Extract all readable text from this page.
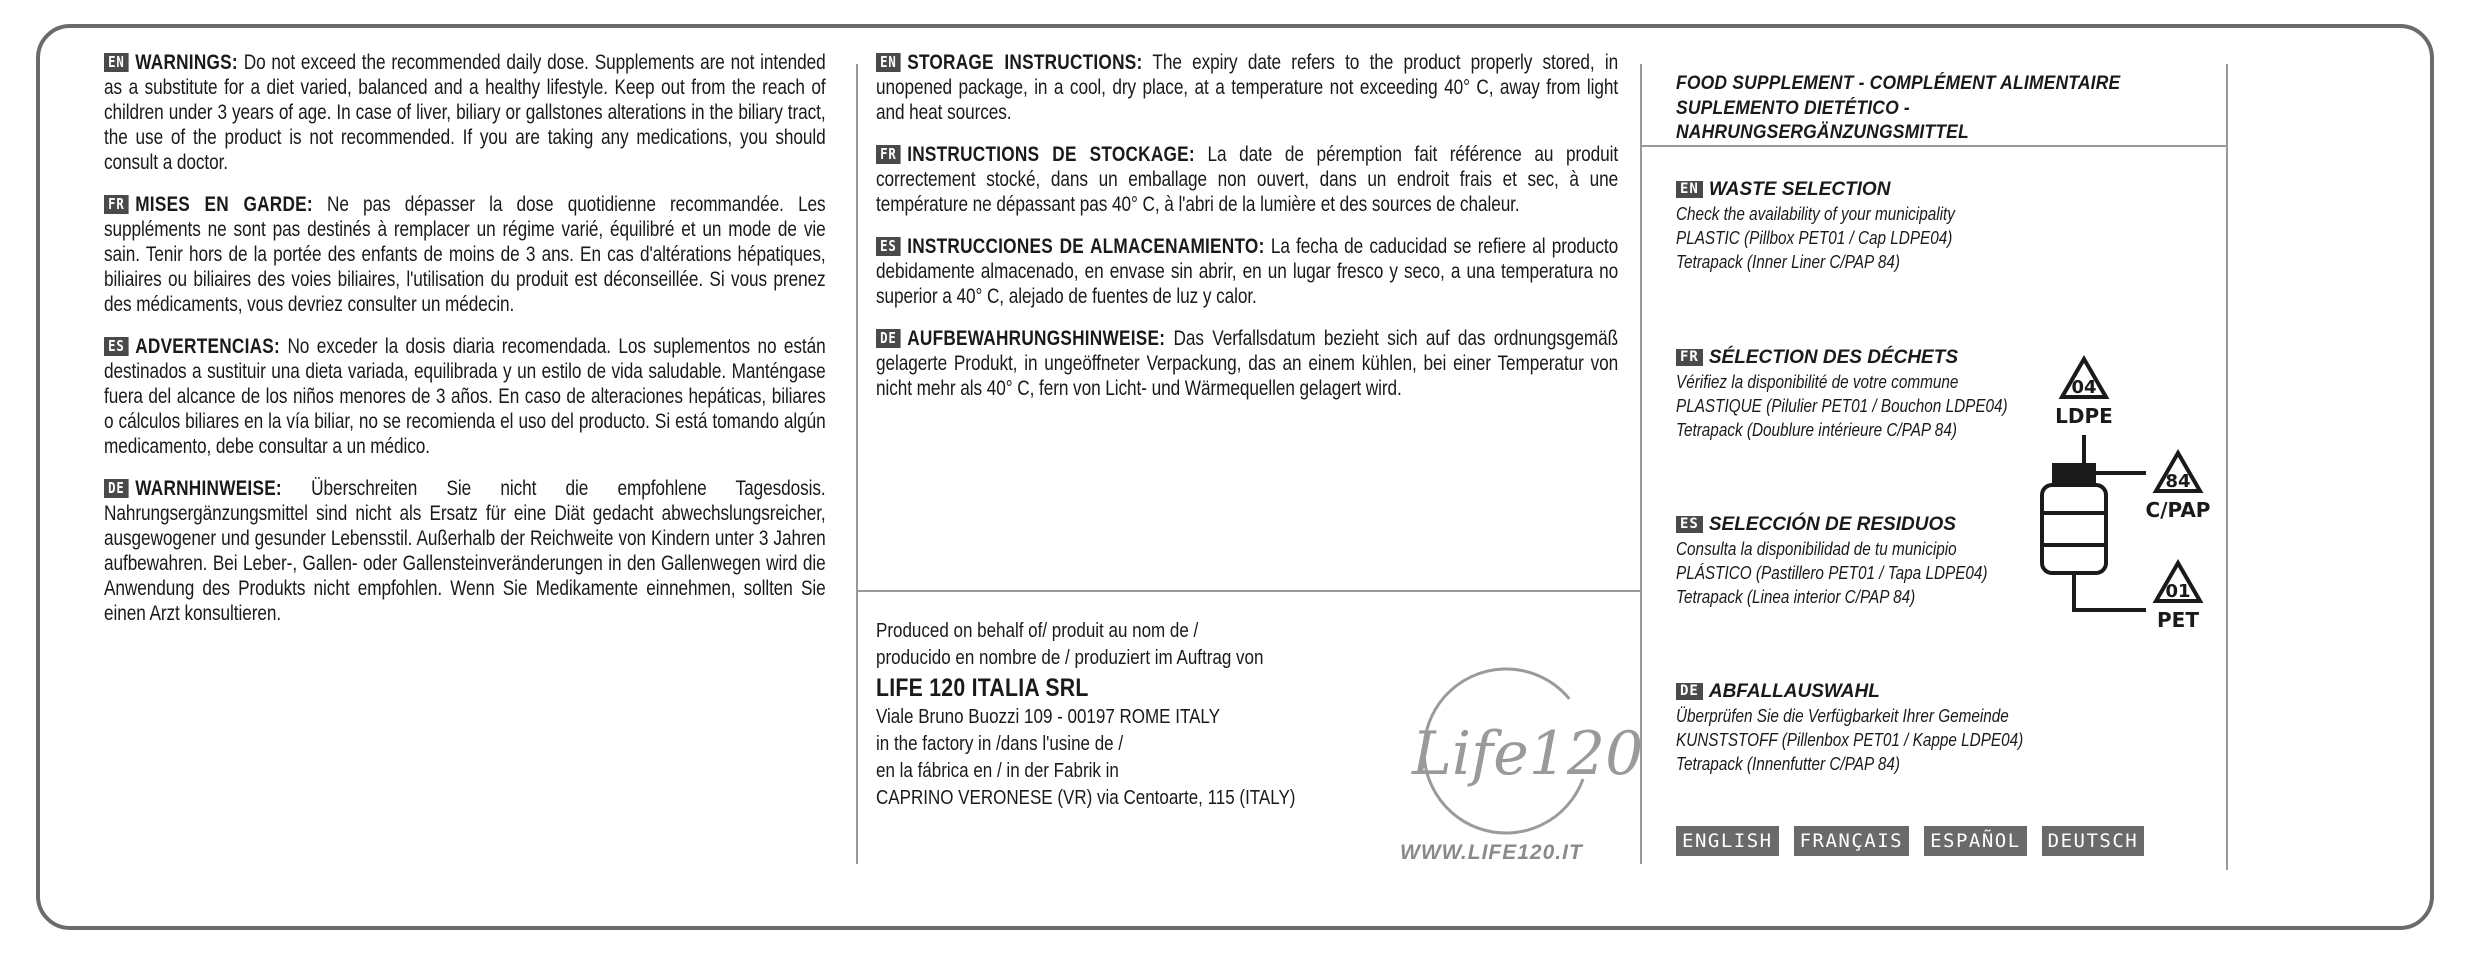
EN WARNINGS: Do not exceed the recommended daily dose. Supplements are not intended as a substitute for a diet varied, balanced and a healthy lifestyle. Keep out from the reach of children under 3 years of age. In case of liver, biliary or gallstones alterations in the biliary tract, the use of the product is not recommended. If you are taking any medications, you should consult a doctor.

FR MISES EN GARDE: Ne pas dépasser la dose quotidienne recommandée. Les suppléments ne sont pas destinés à remplacer un régime varié, équilibré et un mode de vie sain. Tenir hors de la portée des enfants de moins de 3 ans. En cas d'altérations hépatiques, biliaires ou biliaires des voies biliaires, l'utilisation du produit est déconseillée. Si vous prenez des médicaments, vous devriez consulter un médecin.

ES ADVERTENCIAS: No exceder la dosis diaria recomendada. Los suplementos no están destinados a sustituir una dieta variada, equilibrada y un estilo de vida saludable. Manténgase fuera del alcance de los niños menores de 3 años. En caso de alteraciones hepáticas, biliares o cálculos biliares en la vía biliar, no se recomienda el uso del producto. Si está tomando algún medicamento, debe consultar a un médico.

DE WARNHINWEISE: Überschreiten Sie nicht die empfohlene Tagesdosis. Nahrungsergänzungsmittel sind nicht als Ersatz für eine Diät gedacht abwechslungsreicher, ausgewogener und gesunder Lebensstil. Außerhalb der Reichweite von Kindern unter 3 Jahren aufbewahren. Bei Leber-, Gallen- oder Gallensteinveränderungen in den Gallenwegen wird die Anwendung des Produkts nicht empfohlen. Wenn Sie Medikamente einnehmen, sollten Sie einen Arzt konsultieren.

EN STORAGE INSTRUCTIONS: The expiry date refers to the product properly stored, in unopened package, in a cool, dry place, at a temperature not exceeding 40° C, away from light and heat sources.

FR INSTRUCTIONS DE STOCKAGE: La date de péremption fait référence au produit correctement stocké, dans un emballage non ouvert, dans un endroit frais et sec, à une température ne dépassant pas 40° C, à l'abri de la lumière et des sources de chaleur.

ES INSTRUCCIONES DE ALMACENAMIENTO: La fecha de caducidad se refiere al producto debidamente almacenado, en envase sin abrir, en un lugar fresco y seco, a una temperatura no superior a 40° C, alejado de fuentes de luz y calor.

DE AUFBEWAHRUNGSHINWEISE: Das Verfallsdatum bezieht sich auf das ordnungsgemäß gelagerte Produkt, in ungeöffneter Verpackung, das an einem kühlen, bei einer Temperatur von nicht mehr als 40° C, fern von Licht- und Wärmequellen gelagert wird.

Produced on behalf of/ produit au nom de /
producido en nombre de / produziert im Auftrag von
LIFE 120 ITALIA SRL
Viale Bruno Buozzi 109 - 00197 ROME ITALY
in the factory in /dans l'usine de /
en la fábrica en / in der Fabrik in
CAPRINO VERONESE (VR) via Centoarte, 115 (ITALY)
Life120
WWW.LIFE120.IT
FOOD SUPPLEMENT - COMPLÉMENT ALIMENTAIRE
SUPLEMENTO DIETÉTICO - NAHRUNGSERGÄNZUNGSMITTEL
EN WASTE SELECTION
Check the availability of your municipality
PLASTIC (Pillbox PET01 / Cap LDPE04)
Tetrapack (Inner Liner C/PAP 84)
FR SÉLECTION DES DÉCHETS
Vérifiez la disponibilité de votre commune
PLASTIQUE (Pilulier PET01 / Bouchon LDPE04)
Tetrapack (Doublure intérieure C/PAP 84)
ES SELECCIÓN DE RESIDUOS
Consulta la disponibilidad de tu municipio
PLÁSTICO (Pastillero PET01 / Tapa LDPE04)
Tetrapack (Linea interior C/PAP 84)
DE ABFALLAUSWAHL
Überprüfen Sie die Verfügbarkeit Ihrer Gemeinde
KUNSTSTOFF (Pillenbox PET01 / Kappe LDPE04)
Tetrapack (Innenfutter C/PAP 84)
04
LDPE
84
C/PAP
01
PET
ENGLISH	FRANÇAIS	ESPAÑOL	DEUTSCH
